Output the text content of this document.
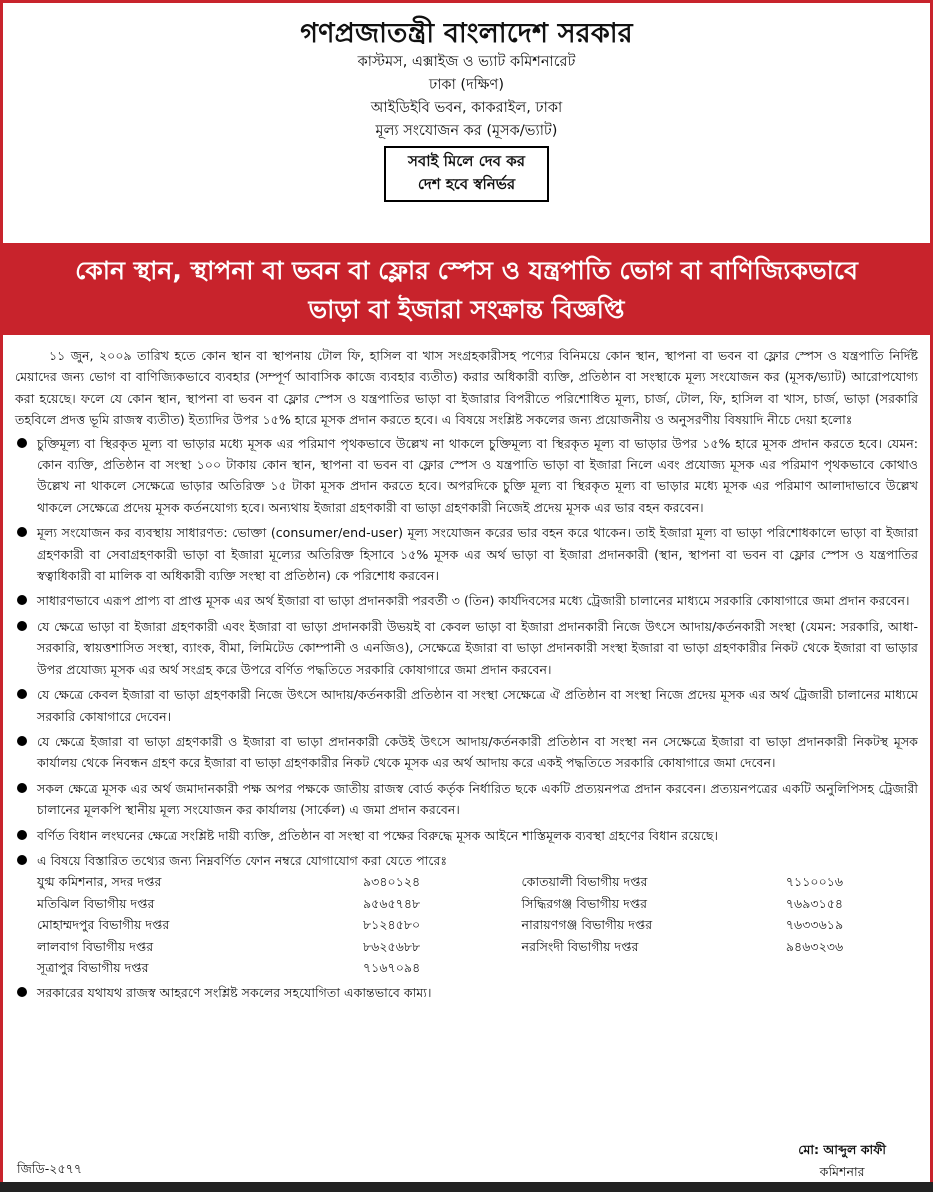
গণপ্রজাতন্ত্রী বাংলাদেশ সরকার
কাস্টমস, এক্সাইজ ও ভ্যাট কমিশনারেট
ঢাকা (দক্ষিণ)
আইডিইবি ভবন, কাকরাইল, ঢাকা
মূল্য সংযোজন কর (মূসক/ভ্যাট)
সবাই মিলে দেব কর
দেশ হবে স্বনির্ভর
কোন স্থান, স্থাপনা বা ভবন বা ফ্লোর স্পেস ও যন্ত্রপাতি ভোগ বা বাণিজ্যিকভাবে
ভাড়া বা ইজারা সংক্রান্ত বিজ্ঞপ্তি

১১ জুন, ২০০৯ তারিখ হতে কোন স্থান বা স্থাপনায় টোল ফি, হাসিল বা খাস সংগ্রহকারীসহ পণ্যের বিনিময়ে কোন স্থান, স্থাপনা বা ভবন বা ফ্লোর স্পেস ও যন্ত্রপাতি নির্দিষ্ট মেয়াদের জন্য ভোগ বা বাণিজ্যিকভাবে ব্যবহার (সম্পূর্ণ আবাসিক কাজে ব্যবহার ব্যতীত) করার অধিকারী ব্যক্তি, প্রতিষ্ঠান বা সংস্থাকে মূল্য সংযোজন কর (মূসক/ভ্যাট) আরোপযোগ্য করা হয়েছে। ফলে যে কোন স্থান, স্থাপনা বা ভবন বা ফ্লোর স্পেস ও যন্ত্রপাতির ভাড়া বা ইজারার বিপরীতে পরিশোধিত মূল্য, চার্জ, টোল, ফি, হাসিল বা খাস, চার্জ, ভাড়া (সরকারি তহবিলে প্রদত্ত ভূমি রাজস্ব ব্যতীত) ইত্যাদির উপর ১৫% হারে মূসক প্রদান করতে হবে। এ বিষয়ে সংশ্লিষ্ট সকলের জন্য প্রয়োজনীয় ও অনুসরণীয় বিষয়াদি নীচে দেয়া হলোঃ

চুক্তিমূল্য বা স্থিরকৃত মূল্য বা ভাড়ার মধ্যে মূসক এর পরিমাণ পৃথকভাবে উল্লেখ না থাকলে চুক্তিমূল্য বা স্থিরকৃত মূল্য বা ভাড়ার উপর ১৫% হারে মূসক প্রদান করতে হবে। যেমন: কোন ব্যক্তি, প্রতিষ্ঠান বা সংস্থা ১০০ টাকায় কোন স্থান, স্থাপনা বা ভবন বা ফ্লোর স্পেস ও যন্ত্রপাতি ভাড়া বা ইজারা নিলে এবং প্রযোজ্য মূসক এর পরিমাণ পৃথকভাবে কোথাও উল্লেখ না থাকলে সেক্ষেত্রে ভাড়ার অতিরিক্ত ১৫ টাকা মূসক প্রদান করতে হবে। অপরদিকে চুক্তি মূল্য বা স্থিরকৃত মূল্য বা ভাড়ার মধ্যে মূসক এর পরিমাণ আলাদাভাবে উল্লেখ থাকলে সেক্ষেত্রে প্রদেয় মূসক কর্তনযোগ্য হবে। অন্যথায় ইজারা গ্রহণকারী বা ভাড়া গ্রহণকারী নিজেই প্রদেয় মূসক এর ভার বহন করবেন।
মূল্য সংযোজন কর ব্যবস্থায় সাধারণত: ভোক্তা (consumer/end-user) মূল্য সংযোজন করের ভার বহন করে থাকেন। তাই ইজারা মূল্য বা ভাড়া পরিশোধকালে ভাড়া বা ইজারা গ্রহণকারী বা সেবাগ্রহণকারী ভাড়া বা ইজারা মূল্যের অতিরিক্ত হিসাবে ১৫% মূসক এর অর্থ ভাড়া বা ইজারা প্রদানকারী (স্থান, স্থাপনা বা ভবন বা ফ্লোর স্পেস ও যন্ত্রপাতির স্বত্বাধিকারী বা মালিক বা অধিকারী ব্যক্তি সংস্থা বা প্রতিষ্ঠান) কে পরিশোধ করবেন।
সাধারণভাবে এরূপ প্রাপ্য বা প্রাপ্ত মূসক এর অর্থ ইজারা বা ভাড়া প্রদানকারী পরবর্তী ৩ (তিন) কার্যদিবসের মধ্যে ট্রেজারী চালানের মাধ্যমে সরকারি কোষাগারে জমা প্রদান করবেন।
যে ক্ষেত্রে ভাড়া বা ইজারা গ্রহণকারী এবং ইজারা বা ভাড়া প্রদানকারী উভয়ই বা কেবল ভাড়া বা ইজারা প্রদানকারী নিজে উৎসে আদায়/কর্তনকারী সংস্থা (যেমন: সরকারি, আধা-সরকারি, স্বায়ত্তশাসিত সংস্থা, ব্যাংক, বীমা, লিমিটেড কোম্পানী ও এনজিও), সেক্ষেত্রে ইজারা বা ভাড়া প্রদানকারী সংস্থা ইজারা বা ভাড়া গ্রহণকারীর নিকট থেকে ইজারা বা ভাড়ার উপর প্রযোজ্য মূসক এর অর্থ সংগ্রহ করে উপরে বর্ণিত পদ্ধতিতে সরকারি কোষাগারে জমা প্রদান করবেন।
যে ক্ষেত্রে কেবল ইজারা বা ভাড়া গ্রহণকারী নিজে উৎসে আদায়/কর্তনকারী প্রতিষ্ঠান বা সংস্থা সেক্ষেত্রে ঐ প্রতিষ্ঠান বা সংস্থা নিজে প্রদেয় মূসক এর অর্থ ট্রেজারী চালানের মাধ্যমে সরকারি কোষাগারে দেবেন।
যে ক্ষেত্রে ইজারা বা ভাড়া গ্রহণকারী ও ইজারা বা ভাড়া প্রদানকারী কেউই উৎসে আদায়/কর্তনকারী প্রতিষ্ঠান বা সংস্থা নন সেক্ষেত্রে ইজারা বা ভাড়া প্রদানকারী নিকটস্থ মূসক কার্যালয় থেকে নিবন্ধন গ্রহণ করে ইজারা বা ভাড়া গ্রহণকারীর নিকট থেকে মূসক এর অর্থ আদায় করে একই পদ্ধতিতে সরকারি কোষাগারে জমা দেবেন।
সকল ক্ষেত্রে মূসক এর অর্থ জমাদানকারী পক্ষ অপর পক্ষকে জাতীয় রাজস্ব বোর্ড কর্তৃক নির্ধারিত ছকে একটি প্রত্যয়নপত্র প্রদান করবেন। প্রত্যয়নপত্রের একটি অনুলিপিসহ ট্রেজারী চালানের মূলকপি স্থানীয় মূল্য সংযোজন কর কার্যালয় (সার্কেল) এ জমা প্রদান করবেন।
বর্ণিত বিধান লংঘনের ক্ষেত্রে সংশ্লিষ্ট দায়ী ব্যক্তি, প্রতিষ্ঠান বা সংস্থা বা পক্ষের বিরুদ্ধে মূসক আইনে শাস্তিমূলক ব্যবস্থা গ্রহণের বিধান রয়েছে।
এ বিষয়ে বিস্তারিত তথ্যের জন্য নিম্নবর্ণিত ফোন নম্বরে যোগাযোগ করা যেতে পারেঃ
যুগ্ম কমিশনার, সদর দপ্তর	৯৩৪০১২৪	কোতয়ালী বিভাগীয় দপ্তর	৭১১০০১৬
মতিঝিল বিভাগীয় দপ্তর	৯৫৬৫৭৪৮	সিদ্ধিরগঞ্জ বিভাগীয় দপ্তর	৭৬৯৩১৫৪
মোহাম্মদপুর বিভাগীয় দপ্তর	৮১২৪৫৮০	নারায়ণগঞ্জ বিভাগীয় দপ্তর	৭৬৩৩৬১৯
লালবাগ বিভাগীয় দপ্তর	৮৬২৫৬৮৮	নরসিংদী বিভাগীয় দপ্তর	৯৪৬৩২৩৬
সূত্রাপুর বিভাগীয় দপ্তর	৭১৬৭০৯৪		
সরকারের যথাযথ রাজস্ব আহরণে সংশ্লিষ্ট সকলের সহযোগিতা একান্তভাবে কাম্য।
মো: আব্দুল কাফী
কমিশনার
জিডি-২৫৭৭
